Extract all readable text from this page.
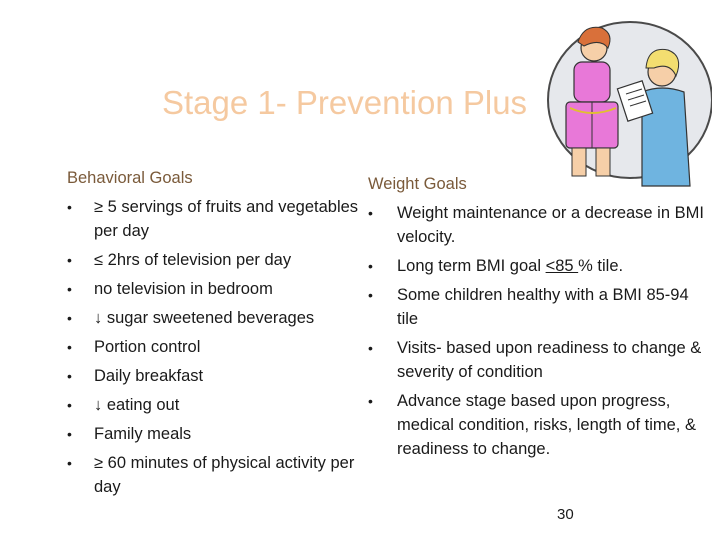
Stage 1- Prevention Plus
Behavioral Goals
• ≥ 5 servings of fruits and vegetables per day
• ≤ 2hrs of television per day
• no television in bedroom
• ↓ sugar sweetened beverages
• Portion control
• Daily breakfast
• ↓ eating out
• Family meals
• ≥ 60 minutes of physical activity per day
Weight Goals
• Weight maintenance or a decrease in BMI velocity.
• Long term BMI goal <85 % tile.
• Some children healthy with a BMI 85-94 tile
• Visits- based upon readiness to change & severity of condition
• Advance stage based upon progress, medical condition, risks, length of time, & readiness to change.
30
